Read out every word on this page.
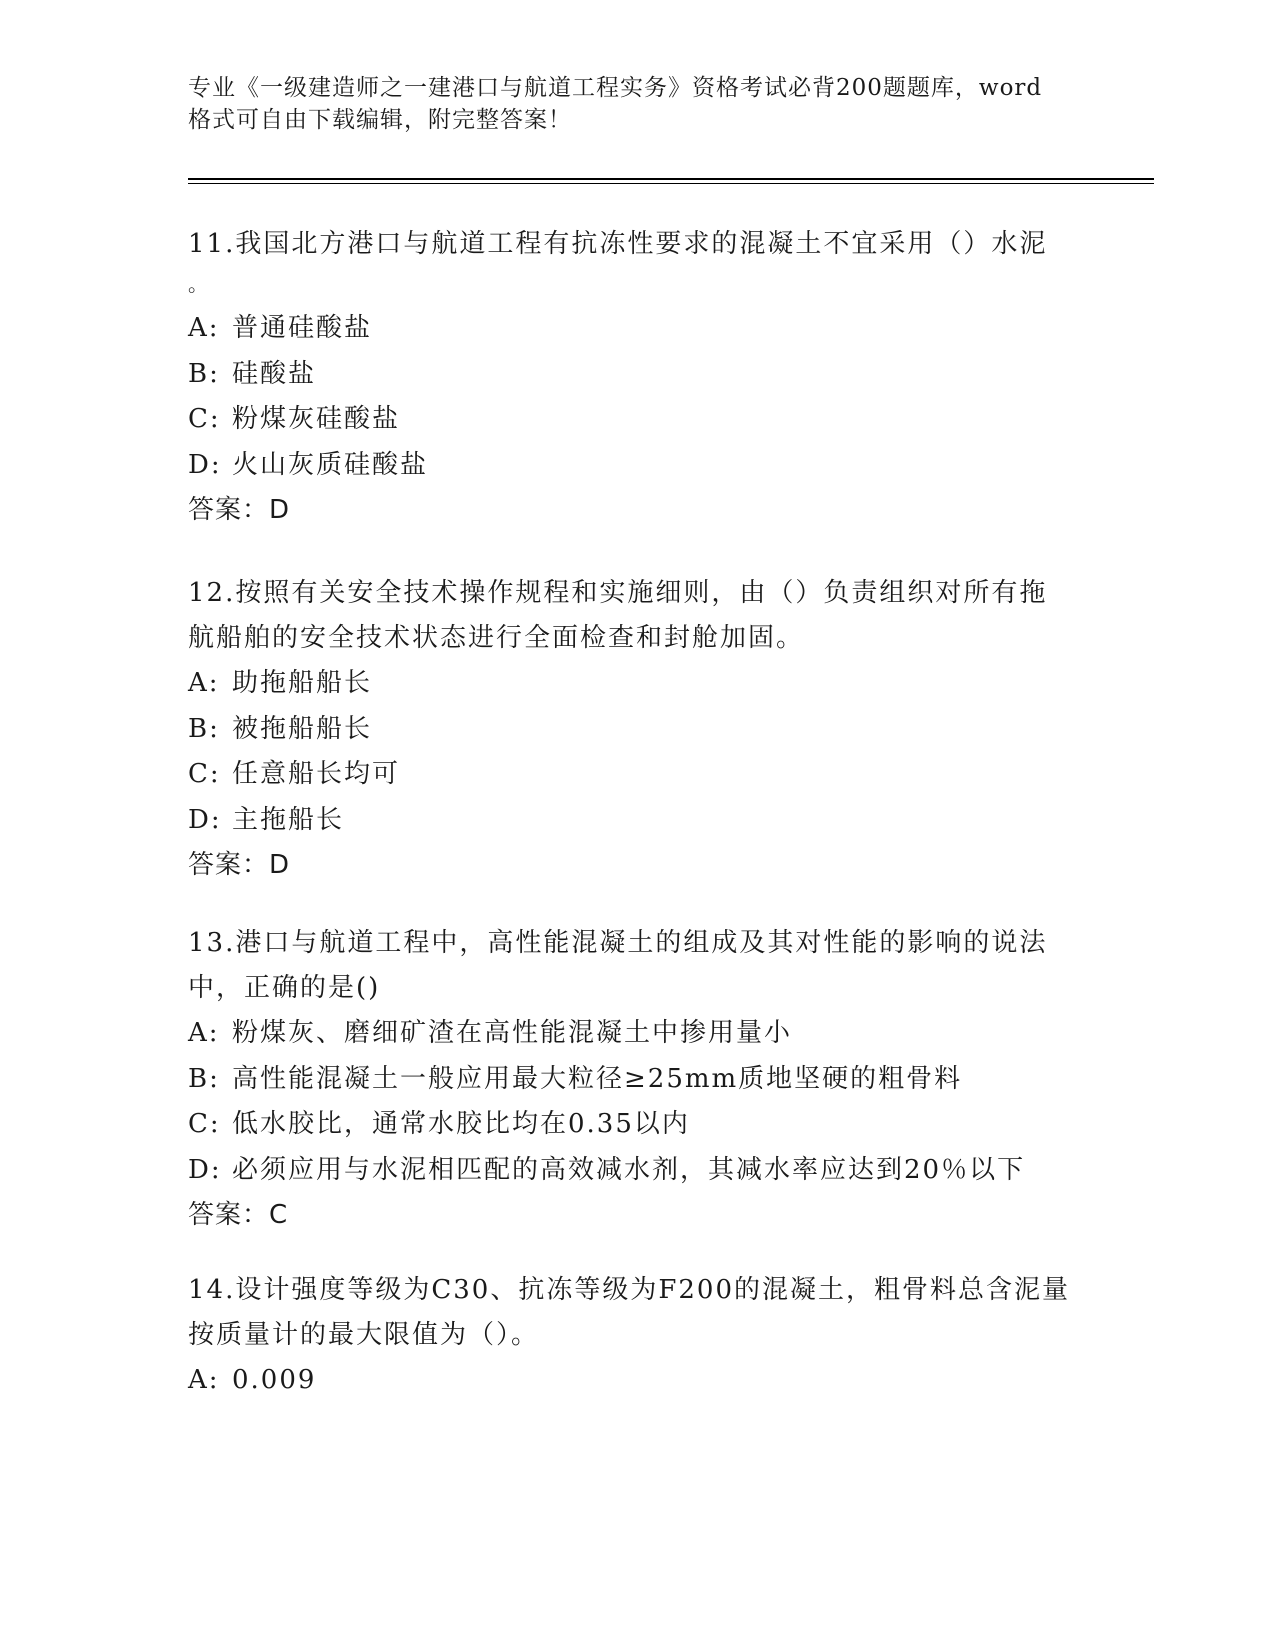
专业《一级建造师之一建港口与航道工程实务》资格考试必背200题题库，word
格式可自由下载编辑，附完整答案！

11.我国北方港口与航道工程有抗冻性要求的混凝土不宜采用（）水泥

。

A: 普通硅酸盐

B: 硅酸盐

C: 粉煤灰硅酸盐

D: 火山灰质硅酸盐

答案：D

12.按照有关安全技术操作规程和实施细则，由（）负责组织对所有拖

航船舶的安全技术状态进行全面检查和封舱加固。

A: 助拖船船长

B: 被拖船船长

C: 任意船长均可

D: 主拖船长

答案：D

13.港口与航道工程中，高性能混凝土的组成及其对性能的影响的说法

中，正确的是()

A: 粉煤灰、磨细矿渣在高性能混凝土中掺用量小

B: 高性能混凝土一般应用最大粒径≥25mm质地坚硬的粗骨料

C: 低水胶比，通常水胶比均在0.35以内

D: 必须应用与水泥相匹配的高效减水剂，其减水率应达到20％以下

答案：C

14.设计强度等级为C30、抗冻等级为F200的混凝土，粗骨料总含泥量

按质量计的最大限值为（）。

A: 0.009
